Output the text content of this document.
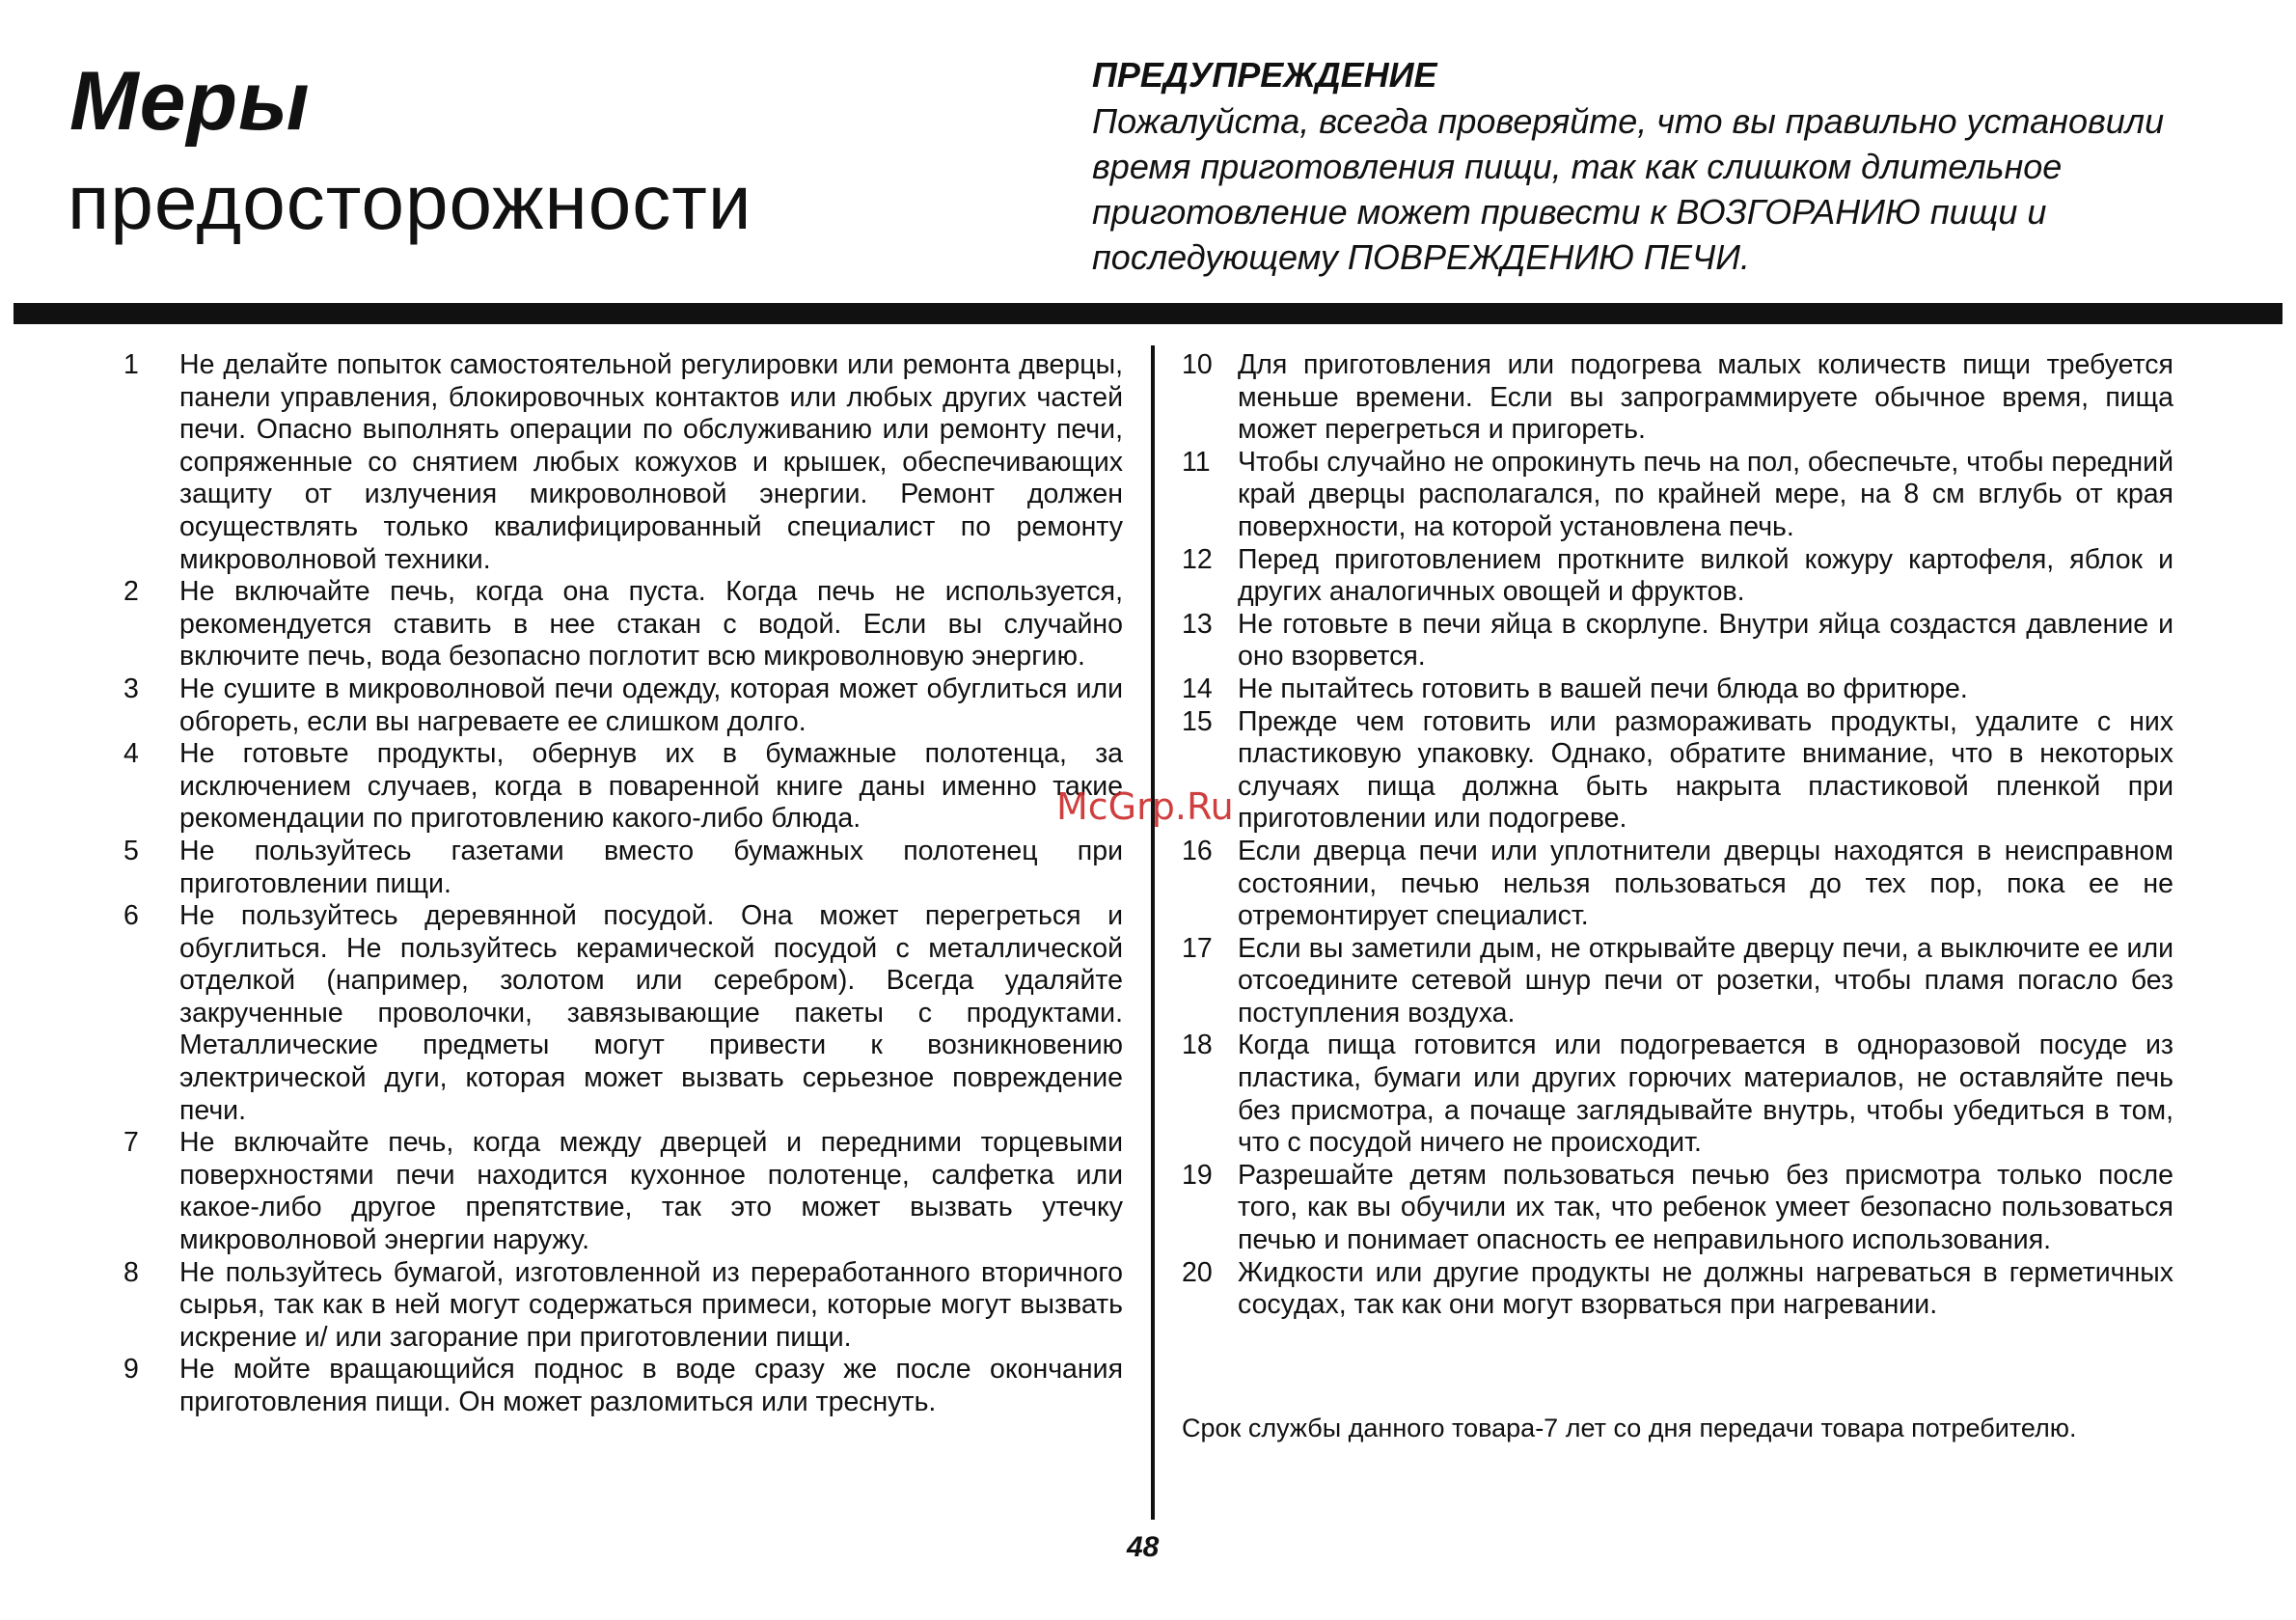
Меры
предосторожности
ПРЕДУПРЕЖДЕНИЕ
Пожалуйста, всегда проверяйте, что вы правильно установили время приготовления пищи, так как слишком длительное приготовление может привести к ВОЗГОРАНИЮ пищи и последующему ПОВРЕЖДЕНИЮ ПЕЧИ.
1	Не делайте попыток самостоятельной регулировки или ремонта дверцы, панели управления, блокировочных контактов или любых других частей печи. Опасно выполнять операции по обслуживанию или ремонту печи, сопряженные со снятием любых кожухов и крышек, обеспечивающих защиту от излучения микроволновой энергии. Ремонт должен осуществлять только квалифицированный специалист по ремонту микроволновой техники.
2	Не включайте печь, когда она пуста. Когда печь не используется, рекомендуется ставить в нее стакан с водой. Если вы случайно включите печь, вода безопасно поглотит всю микроволновую энергию.
3	Не сушите в микроволновой печи одежду, которая может обуглиться или обгореть, если вы нагреваете ее слишком долго.
4	Не готовьте продукты, обернув их в бумажные полотенца, за исключением случаев, когда в поваренной книге даны именно такие рекомендации по приготовлению какого-либо блюда.
5	Не пользуйтесь газетами вместо бумажных полотенец при приготовлении пищи.
6	Не пользуйтесь деревянной посудой. Она может перегреться и обуглиться. Не пользуйтесь керамической посудой с металлической отделкой (например, золотом или серебром). Всегда удаляйте закрученные проволочки, завязывающие пакеты с продуктами. Металлические предметы могут привести к возникновению электрической дуги, которая может вызвать серьезное повреждение печи.
7	Не включайте печь, когда между дверцей и передними торцевыми поверхностями печи находится кухонное полотенце, салфетка или какое-либо другое препятствие, так это может вызвать утечку микроволновой энергии наружу.
8	Не пользуйтесь бумагой, изготовленной из переработанного вторичного сырья, так как в ней могут содержаться примеси, которые могут вызвать искрение и/ или загорание при приготовлении пищи.
9	Не мойте вращающийся поднос в воде сразу же после окончания приготовления пищи. Он может разломиться или треснуть.
10 Для приготовления или подогрева малых количеств пищи требуется меньше времени. Если вы запрограммируете обычное время, пища может перегреться и пригореть.
11 Чтобы случайно не опрокинуть печь на пол, обеспечьте, чтобы передний край дверцы располагался, по крайней мере, на 8 см вглубь от края поверхности, на которой установлена печь.
12 Перед приготовлением проткните вилкой кожуру картофеля, яблок и других аналогичных овощей и фруктов.
13 Не готовьте в печи яйца в скорлупе. Внутри яйца создастся давление и оно взорвется.
14 Не пытайтесь готовить в вашей печи блюда во фритюре.
15 Прежде чем готовить или размораживать продукты, удалите с них пластиковую упаковку. Однако, обратите внимание, что в некоторых случаях пища должна быть накрыта пластиковой пленкой при приготовлении или подогреве.
16 Если дверца печи или уплотнители дверцы находятся в неисправном состоянии, печью нельзя пользоваться до тех пор, пока ее не отремонтирует специалист.
17 Если вы заметили дым, не открывайте дверцу печи, а выключите ее или отсоедините сетевой шнур печи от розетки, чтобы пламя погасло без поступления воздуха.
18 Когда пища готовится или подогревается в одноразовой посуде из пластика, бумаги или других горючих материалов, не оставляйте печь без присмотра, а почаще заглядывайте внутрь, чтобы убедиться в том, что с посудой ничего не происходит.
19 Разрешайте детям пользоваться печью без присмотра только после того, как вы обучили их так, что ребенок умеет безопасно пользоваться печью и понимает опасность ее неправильного использования.
20 Жидкости или другие продукты не должны нагреваться в герметичных сосудах, так как они могут взорваться при нагревании.
Срок службы данного товара-7 лет со дня передачи товара потребителю.
48
McGrp.Ru
